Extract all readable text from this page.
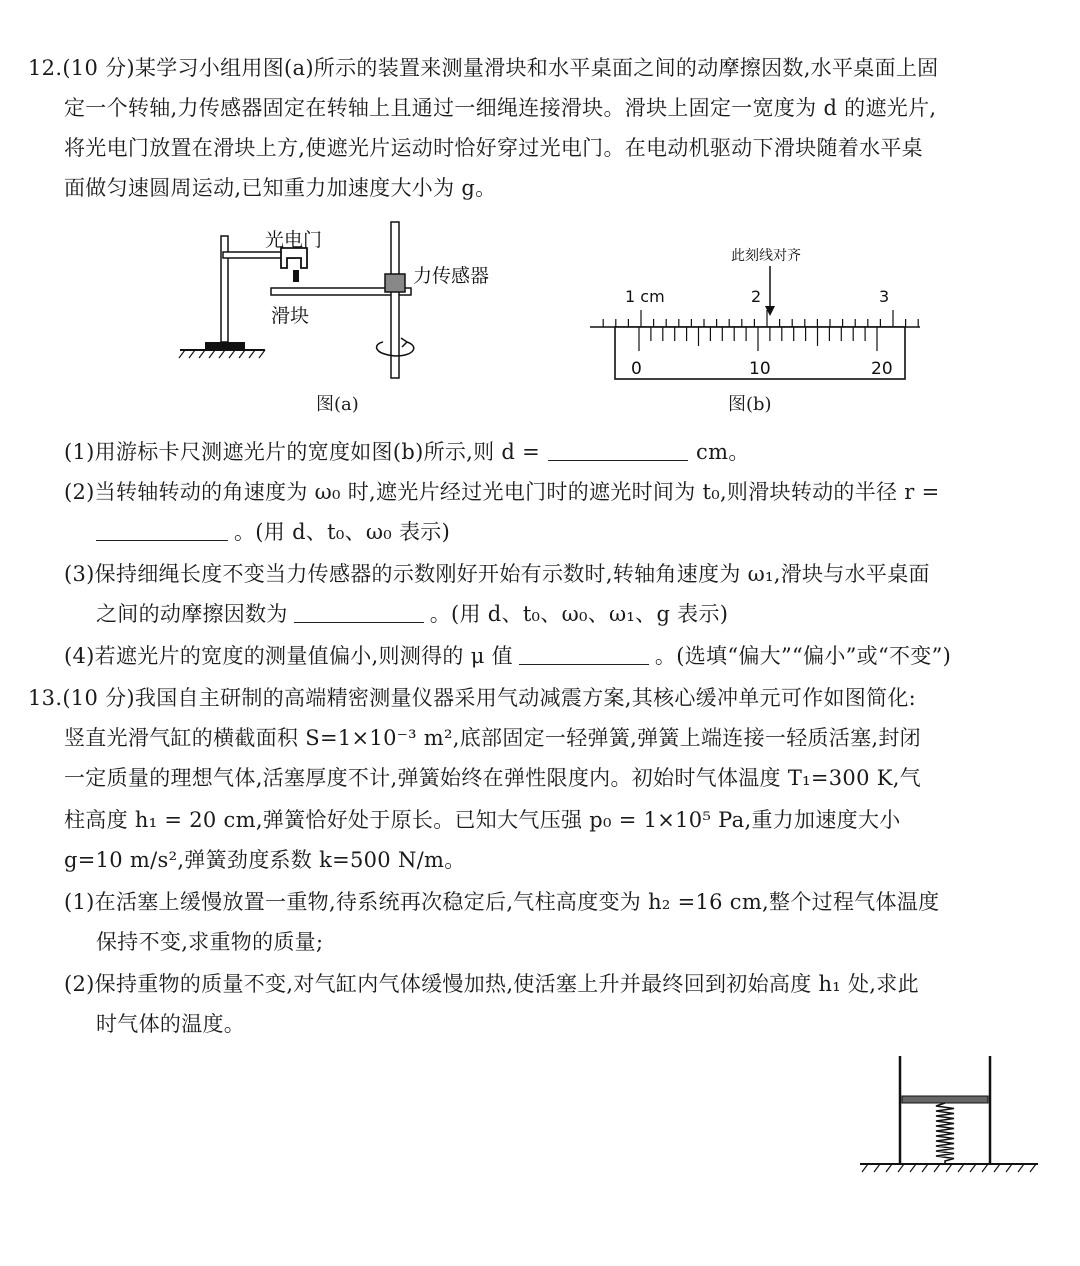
12.(10 分)某学习小组用图(a)所示的装置来测量滑块和水平桌面之间的动摩擦因数,水平桌面上固
定一个转轴,力传感器固定在转轴上且通过一细绳连接滑块。滑块上固定一宽度为 d 的遮光片,
将光电门放置在滑块上方,使遮光片运动时恰好穿过光电门。在电动机驱动下滑块随着水平桌
面做匀速圆周运动,已知重力加速度大小为 g。
光电门
力传感器
滑块
图(a)
此刻线对齐
1 cm	2	3
0	10	20
图(b)
(1)用游标卡尺测遮光片的宽度如图(b)所示,则 d =	cm。
(2)当转轴转动的角速度为 ω₀ 时,遮光片经过光电门时的遮光时间为 t₀,则滑块转动的半径 r =
。(用 d、t₀、ω₀ 表示)
(3)保持细绳长度不变当力传感器的示数刚好开始有示数时,转轴角速度为 ω₁,滑块与水平桌面
之间的动摩擦因数为	。(用 d、t₀、ω₀、ω₁、g 表示)
(4)若遮光片的宽度的测量值偏小,则测得的 μ 值	。(选填“偏大”“偏小”或“不变”)
13.(10 分)我国自主研制的高端精密测量仪器采用气动减震方案,其核心缓冲单元可作如图简化:
竖直光滑气缸的横截面积 S=1×10⁻³ m²,底部固定一轻弹簧,弹簧上端连接一轻质活塞,封闭
一定质量的理想气体,活塞厚度不计,弹簧始终在弹性限度内。初始时气体温度 T₁=300 K,气
柱高度 h₁ = 20 cm,弹簧恰好处于原长。已知大气压强 p₀ = 1×10⁵ Pa,重力加速度大小
g=10 m/s²,弹簧劲度系数 k=500 N/m。
(1)在活塞上缓慢放置一重物,待系统再次稳定后,气柱高度变为 h₂ =16 cm,整个过程气体温度
保持不变,求重物的质量;
(2)保持重物的质量不变,对气缸内气体缓慢加热,使活塞上升并最终回到初始高度 h₁ 处,求此
时气体的温度。
